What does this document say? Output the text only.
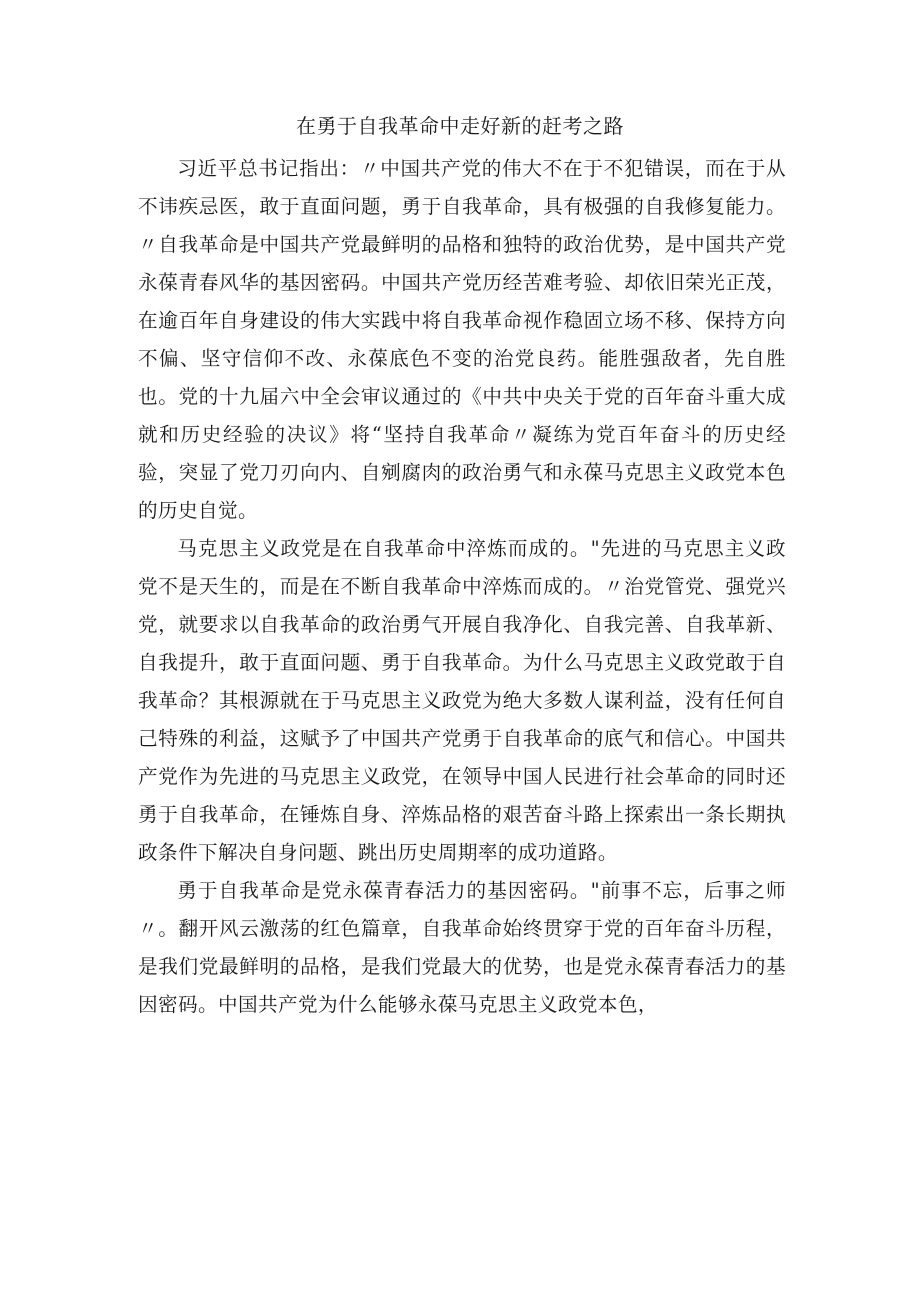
在勇于自我革命中走好新的赶考之路

习近平总书记指出：〃中国共产党的伟大不在于不犯错误，而在于从不讳疾忌医，敢于直面问题，勇于自我革命，具有极强的自我修复能力。〃自我革命是中国共产党最鲜明的品格和独特的政治优势，是中国共产党永葆青春风华的基因密码。中国共产党历经苦难考验、却依旧荣光正茂，在逾百年自身建设的伟大实践中将自我革命视作稳固立场不移、保持方向不偏、坚守信仰不改、永葆底色不变的治党良药。能胜强敌者，先自胜也。党的十九届六中全会审议通过的《中共中央关于党的百年奋斗重大成就和历史经验的决议》将“坚持自我革命〃凝练为党百年奋斗的历史经验，突显了党刀刃向内、自剜腐肉的政治勇气和永葆马克思主义政党本色的历史自觉。

马克思主义政党是在自我革命中淬炼而成的。"先进的马克思主义政党不是天生的，而是在不断自我革命中淬炼而成的。〃治党管党、强党兴党，就要求以自我革命的政治勇气开展自我净化、自我完善、自我革新、自我提升，敢于直面问题、勇于自我革命。为什么马克思主义政党敢于自我革命？其根源就在于马克思主义政党为绝大多数人谋利益，没有任何自己特殊的利益，这赋予了中国共产党勇于自我革命的底气和信心。中国共产党作为先进的马克思主义政党，在领导中国人民进行社会革命的同时还勇于自我革命，在锤炼自身、淬炼品格的艰苦奋斗路上探索出一条长期执政条件下解决自身问题、跳出历史周期率的成功道路。

勇于自我革命是党永葆青春活力的基因密码。"前事不忘，后事之师〃。翻开风云激荡的红色篇章，自我革命始终贯穿于党的百年奋斗历程，是我们党最鲜明的品格，是我们党最大的优势，也是党永葆青春活力的基因密码。中国共产党为什么能够永葆马克思主义政党本色，
